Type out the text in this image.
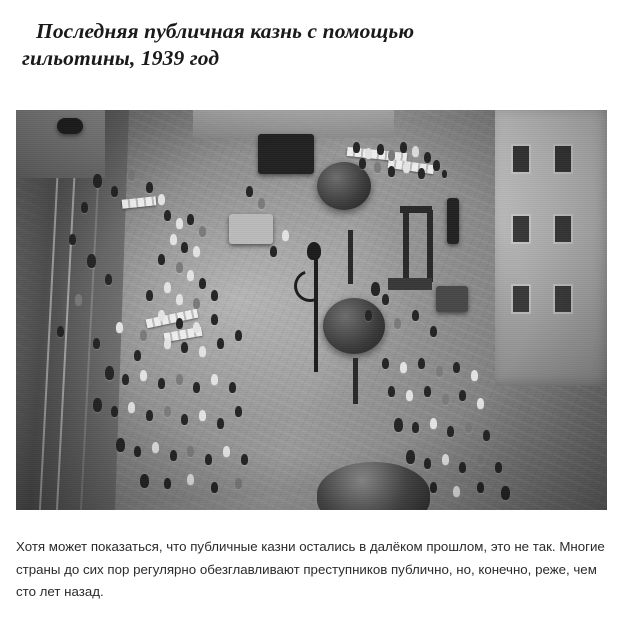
Последняя публичная казнь с помощью
гильотины, 1939 год

Хотя может показаться, что публичные казни остались в далёком прошлом, это не так. Многие страны до сих пор регулярно обезглавливают преступников публично, но, конечно, реже, чем сто лет назад.
